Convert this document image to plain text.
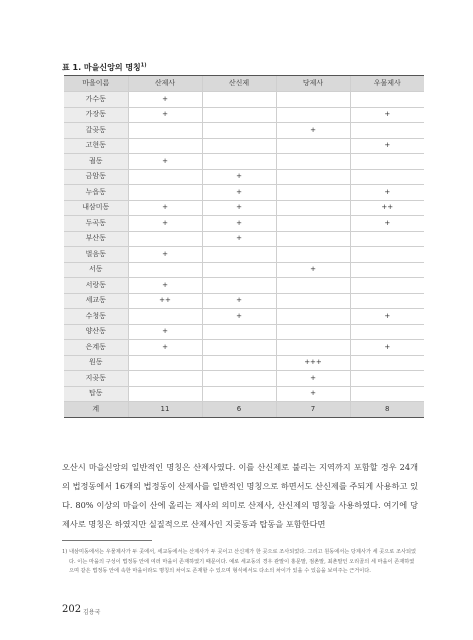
표 1. 마을신앙의 명칭$^{1)}$
마을이름	산제사	산신제	당제사	우물제사
가수동	+			
가장동	+			+
갈곶동			+	
고현동				+
궐동	+			
금암동		+		
누읍동		+		+
내삼미동	+	+		++
두곡동	+	+		+
부산동		+		
벌음동	+			
서동			+	
서랑동	+			
세교동	++	+		
수청동		+		+
양산동	+			
은계동	+			+
원동			+++	
지곶동			+	
탑동			+	
계	11	6	7	8

오산시 마을신앙의 일반적인 명칭은 산제사였다. 이를 산신제로 불리는 지역까지 포함할 경우 24개의 법정동에서 16개의 법정동이 산제사를 일반적인 명칭으로 하면서도 산신제를 주되게 사용하고 있다. 80% 이상의 마을이 산에 올리는 제사의 의미로 산제사, 산신제의 명칭을 사용하였다. 여기에 당제사로 명칭은 하였지만 실질적으로 산제사인 지곶동과 탑동을 포함한다면

1) 내삼미동에서는 우물제사가 두 곳에서, 세교동에서는 산제사가 두 곳이고 산신제가 한 곳으로 조사되었다. 그리고 원동에서는 당제사가 세 곳으로 조사되었다. 이는 마을의 구성이 법정동 안에 여러 마을이 존재하였기 때문이다. 예로 세교동의 경우 관말이 홍문말, 점촌말, 최촌말인 오리골의 세 마을이 존재하였으며 같은 법정동 안에 속한 마을이라도 명칭의 차이도 존재할 수 있으며 형식에서도 다소의 차이가 있을 수 있음을 보여주는 근거이다.

202 김용국
